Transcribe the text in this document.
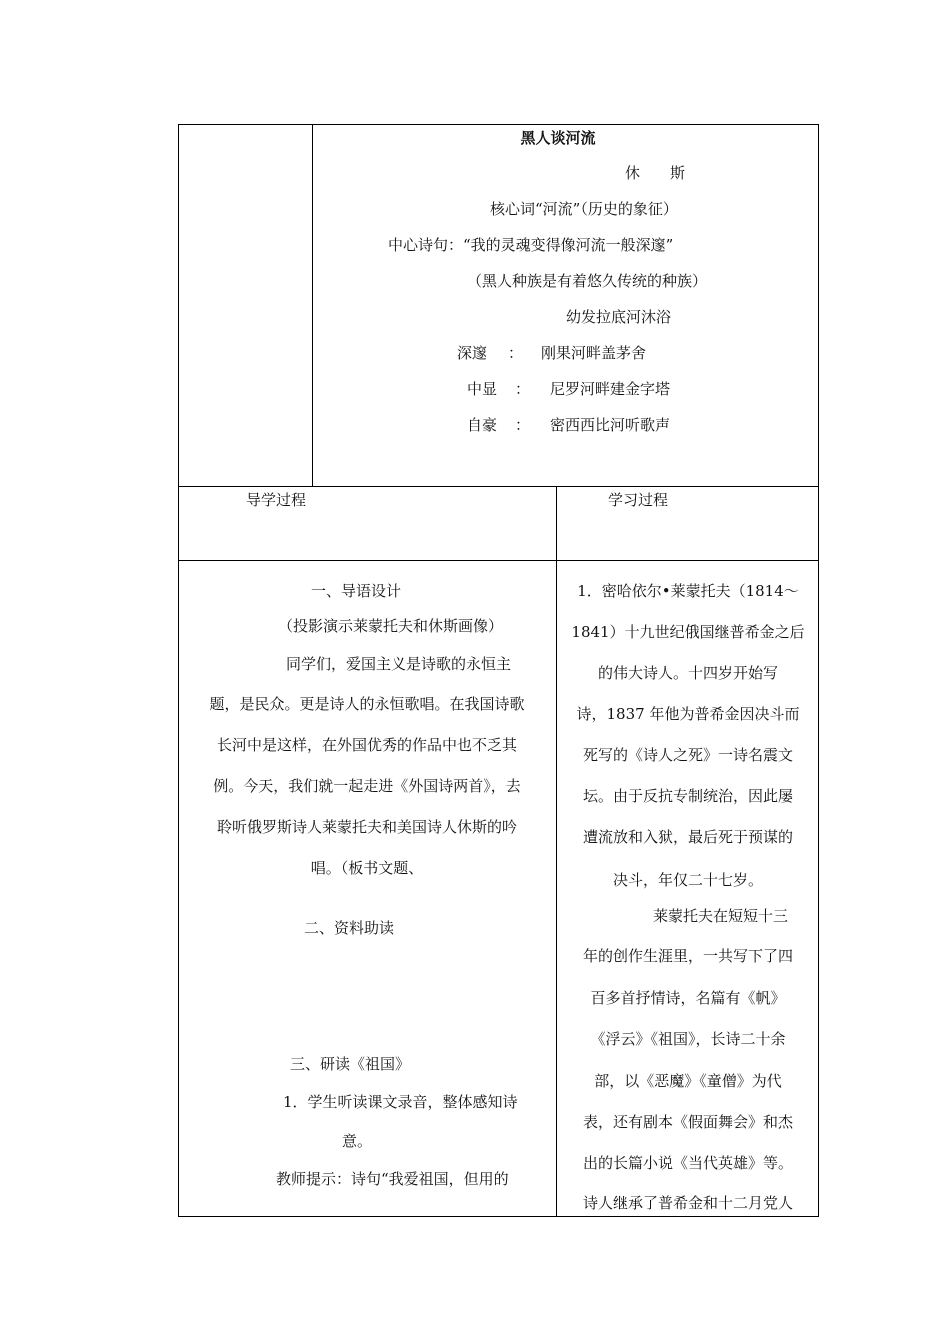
黑人谈河流
休　　斯
核心词“河流”（历史的象征）
中心诗句：“我的灵魂变得像河流一般深邃”
（黑人种族是有着悠久传统的种族）
幼发拉底河沐浴
深邃 ： 刚果河畔盖茅舍
中显 ： 尼罗河畔建金字塔
自豪 ： 密西西比河听歌声
导学过程	学习过程
一、导语设计
（投影演示莱蒙托夫和休斯画像）
同学们，爱国主义是诗歌的永恒主
题，是民众。更是诗人的永恒歌唱。在我国诗歌
长河中是这样，在外国优秀的作品中也不乏其
例。今天，我们就一起走进《外国诗两首》，去
聆听俄罗斯诗人莱蒙托夫和美国诗人休斯的吟
唱。（板书文题、
二、资料助读
三、研读《祖国》
1．学生听读课文录音，整体感知诗
意。
教师提示：诗句“我爱祖国，但用的
1．密哈依尔•莱蒙托夫（1814～
1841）十九世纪俄国继普希金之后
的伟大诗人。十四岁开始写
诗，1837 年他为普希金因决斗而
死写的《诗人之死》一诗名震文
坛。由于反抗专制统治，因此屡
遭流放和入狱，最后死于预谋的
决斗，年仅二十七岁。
莱蒙托夫在短短十三
年的创作生涯里，一共写下了四
百多首抒情诗，名篇有《帆》
《浮云》《祖国》，长诗二十余
部，以《恶魔》《童僧》为代
表，还有剧本《假面舞会》和杰
出的长篇小说《当代英雄》等。
诗人继承了普希金和十二月党人
